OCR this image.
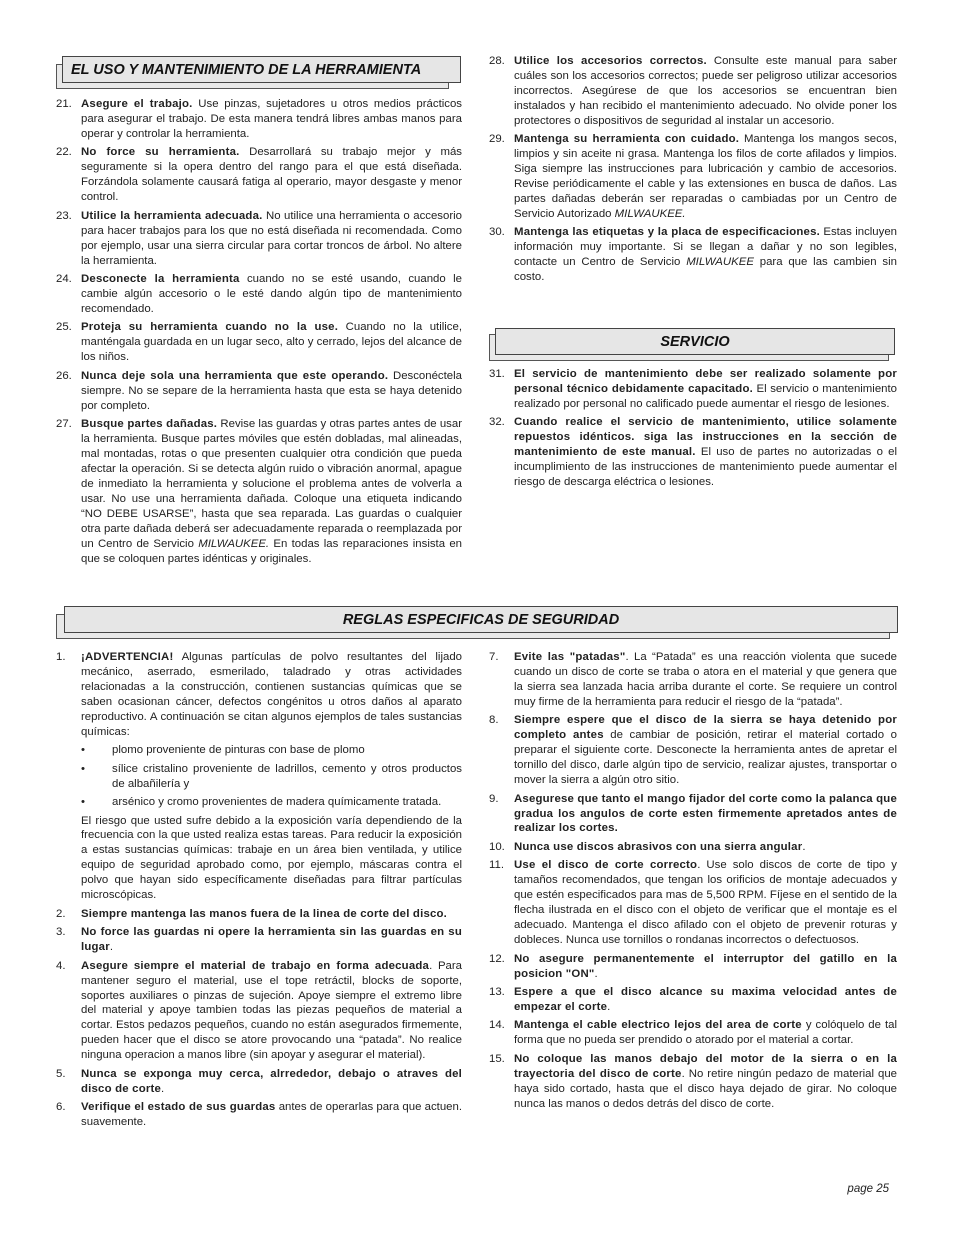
EL USO Y MANTENIMIENTO DE LA HERRAMIENTA
21. Asegure el trabajo. Use pinzas, sujetadores u otros medios prácticos para asegurar el trabajo. De esta manera tendrá libres ambas manos para operar y controlar la herramienta.

22. No force su herramienta. Desarrollará su trabajo mejor y más seguramente si la opera dentro del rango para el que está diseñada. Forzándola solamente causará fatiga al operario, mayor desgaste y menor control.

23. Utilice la herramienta adecuada. No utilice una herramienta o accesorio para hacer trabajos para los que no está diseñada ni recomendada. Como por ejemplo, usar una sierra circular para cortar troncos de árbol. No altere la herramienta.

24. Desconecte la herramienta cuando no se esté usando, cuando le cambie algún accesorio o le esté dando algún tipo de mantenimiento recomendado.

25. Proteja su herramienta cuando no la use. Cuando no la utilice, manténgala guardada en un lugar seco, alto y cerrado, lejos del alcance de los niños.

26. Nunca deje sola una herramienta que este operando. Desconéctela siempre. No se separe de la herramienta hasta que esta se haya detenido por completo.

27. Busque partes dañadas. Revise las guardas y otras partes antes de usar la herramienta. Busque partes móviles que estén dobladas, mal alineadas, mal montadas, rotas o que presenten cualquier otra condición que pueda afectar la operación. Si se detecta algún ruido o vibración anormal, apague de inmediato la herramienta y solucione el problema antes de volverla a usar. No use una herramienta dañada. Coloque una etiqueta indicando “NO DEBE USARSE”, hasta que sea reparada. Las guardas o cualquier otra parte dañada deberá ser adecuadamente reparada o reemplazada por un Centro de Servicio MILWAUKEE. En todas las reparaciones insista en que se coloquen partes idénticas y originales.

28. Utilice los accesorios correctos. Consulte este manual para saber cuáles son los accesorios correctos; puede ser peligroso utilizar accesorios incorrectos. Asegúrese de que los accesorios se encuentran bien instalados y han recibido el mantenimiento adecuado. No olvide poner los protectores o dispositivos de seguridad al instalar un accesorio.

29. Mantenga su herramienta con cuidado. Mantenga los mangos secos, limpios y sin aceite ni grasa. Mantenga los filos de corte afilados y limpios. Siga siempre las instrucciones para lubricación y cambio de accesorios. Revise periódicamente el cable y las extensiones en busca de daños. Las partes dañadas deberán ser reparadas o cambiadas por un Centro de Servicio Autorizado MILWAUKEE.

30. Mantenga las etiquetas y la placa de especificaciones. Estas incluyen información muy importante. Si se llegan a dañar y no son legibles, contacte un Centro de Servicio MILWAUKEE para que las cambien sin costo.

SERVICIO
31. El servicio de mantenimiento debe ser realizado solamente por personal técnico debidamente capacitado. El servicio o mantenimiento realizado por personal no calificado puede aumentar el riesgo de lesiones.

32. Cuando realice el servicio de mantenimiento, utilice solamente repuestos idénticos. siga las instrucciones en la sección de mantenimiento de este manual. El uso de partes no autorizadas o el incumplimiento de las instrucciones de mantenimiento puede aumentar el riesgo de descarga eléctrica o lesiones.

REGLAS ESPECIFICAS DE SEGURIDAD
1. ¡ADVERTENCIA! Algunas partículas de polvo resultantes del lijado mecánico, aserrado, esmerilado, taladrado y otras actividades relacionadas a la construcción, contienen sustancias químicas que se saben ocasionan cáncer, defectos congénitos u otros daños al aparato reproductivo. A continuación se citan algunos ejemplos de tales sustancias químicas:

• plomo proveniente de pinturas con base de plomo
• sílice cristalino proveniente de ladrillos, cemento y otros productos de albañilería y
• arsénico y cromo provenientes de madera químicamente tratada.

El riesgo que usted sufre debido a la exposición varía dependiendo de la frecuencia con la que usted realiza estas tareas. Para reducir la exposición a estas sustancias químicas: trabaje en un área bien ventilada, y utilice equipo de seguridad aprobado como, por ejemplo, máscaras contra el polvo que hayan sido específicamente diseñadas para filtrar partículas microscópicas.

2. Siempre mantenga las manos fuera de la linea de corte del disco.

3. No force las guardas ni opere la herramienta sin las guardas en su lugar.

4. Asegure siempre el material de trabajo en forma adecuada. Para mantener seguro el material, use el tope retráctil, blocks de soporte, soportes auxiliares o pinzas de sujeción. Apoye siempre el extremo libre del material y apoye tambien todas las piezas pequeños de material a cortar. Estos pedazos pequeños, cuando no están asegurados firmemente, pueden hacer que el disco se atore provocando una “patada”. No realice ninguna operacion a manos libre (sin apoyar y asegurar el material).

5. Nunca se exponga muy cerca, alrrededor, debajo o atraves del disco de corte.

6. Verifique el estado de sus guardas antes de operarlas para que actuen. suavemente.

7. Evite las "patadas". La “Patada” es una reacción violenta que sucede cuando un disco de corte se traba o atora en el material y que genera que la sierra sea lanzada hacia arriba durante el corte. Se requiere un control muy firme de la herramienta para reducir el riesgo de la “patada”.

8. Siempre espere que el disco de la sierra se haya detenido por completo antes de cambiar de posición, retirar el material cortado o preparar el siguiente corte. Desconecte la herramienta antes de apretar el tornillo del disco, darle algún tipo de servicio, realizar ajustes, transportar o mover la sierra a algún otro sitio.

9. Asegurese que tanto el mango fijador del corte como la palanca que gradua los angulos de corte esten firmemente apretados antes de realizar los cortes.

10. Nunca use discos abrasivos con una sierra angular.

11. Use el disco de corte correcto. Use solo discos de corte de tipo y tamaños recomendados, que tengan los orificios de montaje adecuados y que estén especificados para mas de 5,500 RPM. Fíjese en el sentido de la flecha ilustrada en el disco con el objeto de verificar que el montaje es el adecuado. Mantenga el disco afilado con el objeto de prevenir roturas y dobleces. Nunca use tornillos o rondanas incorrectos o defectuosos.

12. No asegure permanentemente el interruptor del gatillo en la posicion "ON".

13. Espere a que el disco alcance su maxima velocidad antes de empezar el corte.

14. Mantenga el cable electrico lejos del area de corte y colóquelo de tal forma que no pueda ser prendido o atorado por el material a cortar.

15. No coloque las manos debajo del motor de la sierra o en la trayectoria del disco de corte. No retire ningún pedazo de material que haya sido cortado, hasta que el disco haya dejado de girar. No coloque nunca las manos o dedos detrás del disco de corte.

page 25
